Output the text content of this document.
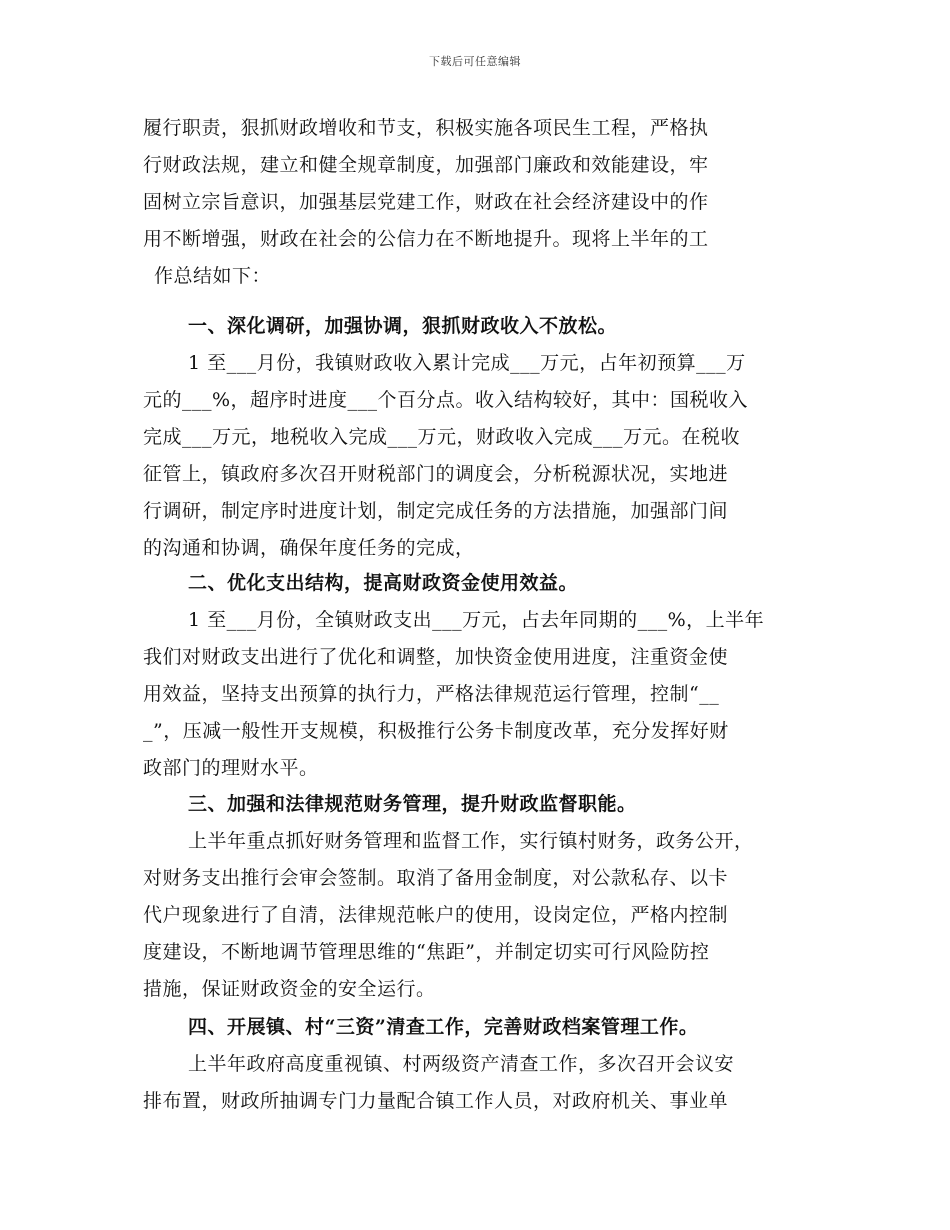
下载后可任意编辑
履行职责，狠抓财政增收和节支，积极实施各项民生工程，严格执
行财政法规，建立和健全规章制度，加强部门廉政和效能建设，牢
固树立宗旨意识，加强基层党建工作，财政在社会经济建设中的作
用不断增强，财政在社会的公信力在不断地提升。现将上半年的工
作总结如下：
一、深化调研，加强协调，狠抓财政收入不放松。
1 至___月份，我镇财政收入累计完成___万元，占年初预算___万
元的___%，超序时进度___个百分点。收入结构较好，其中：国税收入
完成___万元，地税收入完成___万元，财政收入完成___万元。在税收
征管上，镇政府多次召开财税部门的调度会，分析税源状况，实地进
行调研，制定序时进度计划，制定完成任务的方法措施，加强部门间
的沟通和协调，确保年度任务的完成，
二、优化支出结构，提高财政资金使用效益。
1 至___月份，全镇财政支出___万元，占去年同期的___%，上半年
我们对财政支出进行了优化和调整，加快资金使用进度，注重资金使
用效益，坚持支出预算的执行力，严格法律规范运行管理，控制“__
_”，压减一般性开支规模，积极推行公务卡制度改革，充分发挥好财
政部门的理财水平。
三、加强和法律规范财务管理，提升财政监督职能。
上半年重点抓好财务管理和监督工作，实行镇村财务，政务公开，
对财务支出推行会审会签制。取消了备用金制度，对公款私存、以卡
代户现象进行了自清，法律规范帐户的使用，设岗定位，严格内控制
度建设，不断地调节管理思维的“焦距”，并制定切实可行风险防控
措施，保证财政资金的安全运行。
四、开展镇、村“三资”清查工作，完善财政档案管理工作。
上半年政府高度重视镇、村两级资产清查工作，多次召开会议安
排布置，财政所抽调专门力量配合镇工作人员，对政府机关、事业单
